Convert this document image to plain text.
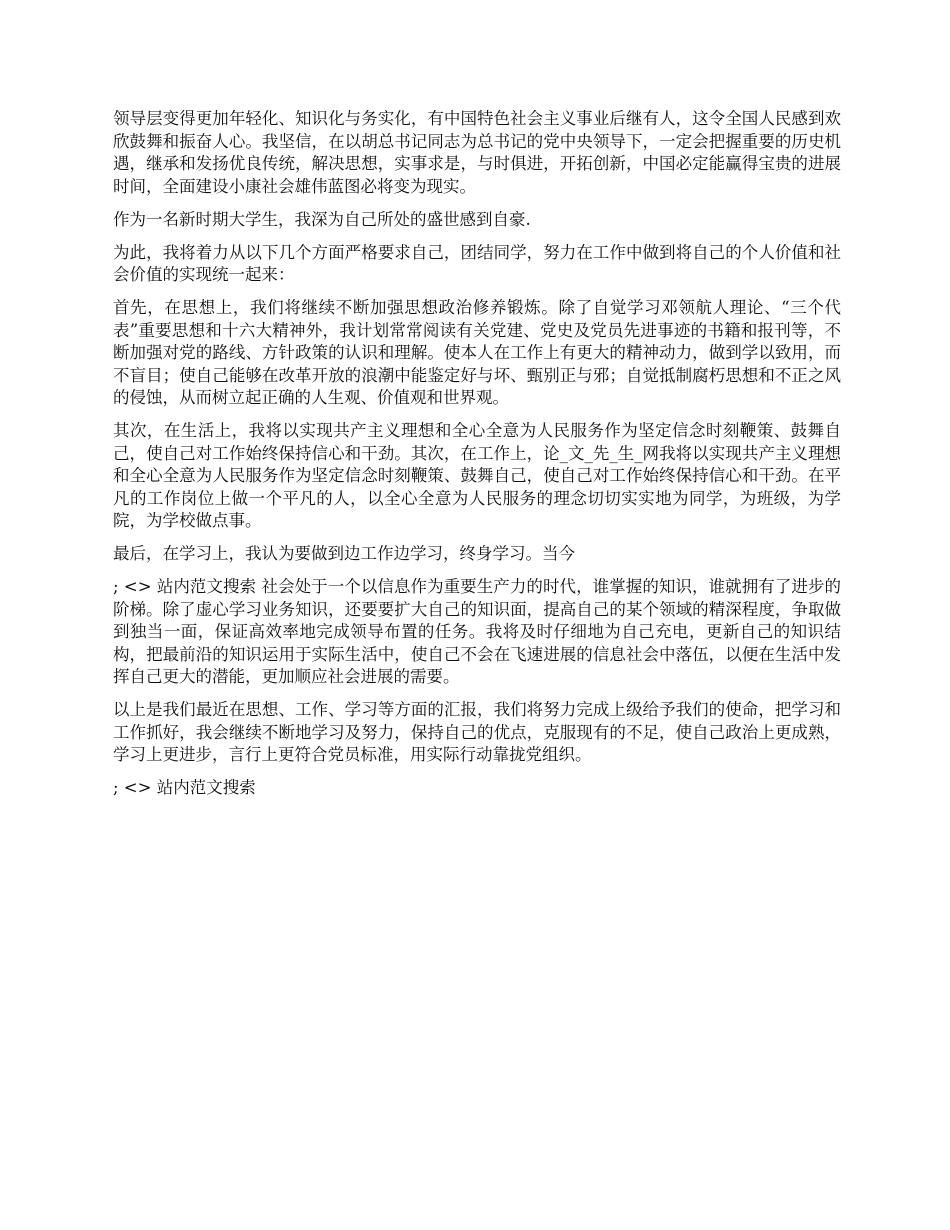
领导层变得更加年轻化、知识化与务实化，有中国特色社会主义事业后继有人，这令全国人民感到欢欣鼓舞和振奋人心。我坚信，在以胡总书记同志为总书记的党中央领导下，一定会把握重要的历史机遇，继承和发扬优良传统，解决思想，实事求是，与时俱进，开拓创新，中国必定能赢得宝贵的进展时间，全面建设小康社会雄伟蓝图必将变为现实。

作为一名新时期大学生，我深为自己所处的盛世感到自豪.

为此，我将着力从以下几个方面严格要求自己，团结同学，努力在工作中做到将自己的个人价值和社会价值的实现统一起来：

首先，在思想上，我们将继续不断加强思想政治修养锻炼。除了自觉学习邓领航人理论、“三个代表”重要思想和十六大精神外，我计划常常阅读有关党建、党史及党员先进事迹的书籍和报刊等，不断加强对党的路线、方针政策的认识和理解。使本人在工作上有更大的精神动力，做到学以致用，而不盲目；使自己能够在改革开放的浪潮中能鉴定好与坏、甄别正与邪；自觉抵制腐朽思想和不正之风的侵蚀，从而树立起正确的人生观、价值观和世界观。

其次，在生活上，我将以实现共产主义理想和全心全意为人民服务作为坚定信念时刻鞭策、鼓舞自己，使自己对工作始终保持信心和干劲。其次，在工作上，论_文_先_生_网我将以实现共产主义理想和全心全意为人民服务作为坚定信念时刻鞭策、鼓舞自己，使自己对工作始终保持信心和干劲。在平凡的工作岗位上做一个平凡的人，以全心全意为人民服务的理念切切实实地为同学，为班级，为学院，为学校做点事。

最后，在学习上，我认为要做到边工作边学习，终身学习。当今

; <> 站内范文搜索 社会处于一个以信息作为重要生产力的时代，谁掌握的知识，谁就拥有了进步的阶梯。除了虚心学习业务知识，还要要扩大自己的知识面，提高自己的某个领域的精深程度，争取做到独当一面，保证高效率地完成领导布置的任务。我将及时仔细地为自己充电，更新自己的知识结构，把最前沿的知识运用于实际生活中，使自己不会在飞速进展的信息社会中落伍，以便在生活中发挥自己更大的潜能，更加顺应社会进展的需要。

以上是我们最近在思想、工作、学习等方面的汇报，我们将努力完成上级给予我们的使命，把学习和工作抓好，我会继续不断地学习及努力，保持自己的优点，克服现有的不足，使自己政治上更成熟，学习上更进步，言行上更符合党员标准，用实际行动靠拢党组织。

; <> 站内范文搜索
